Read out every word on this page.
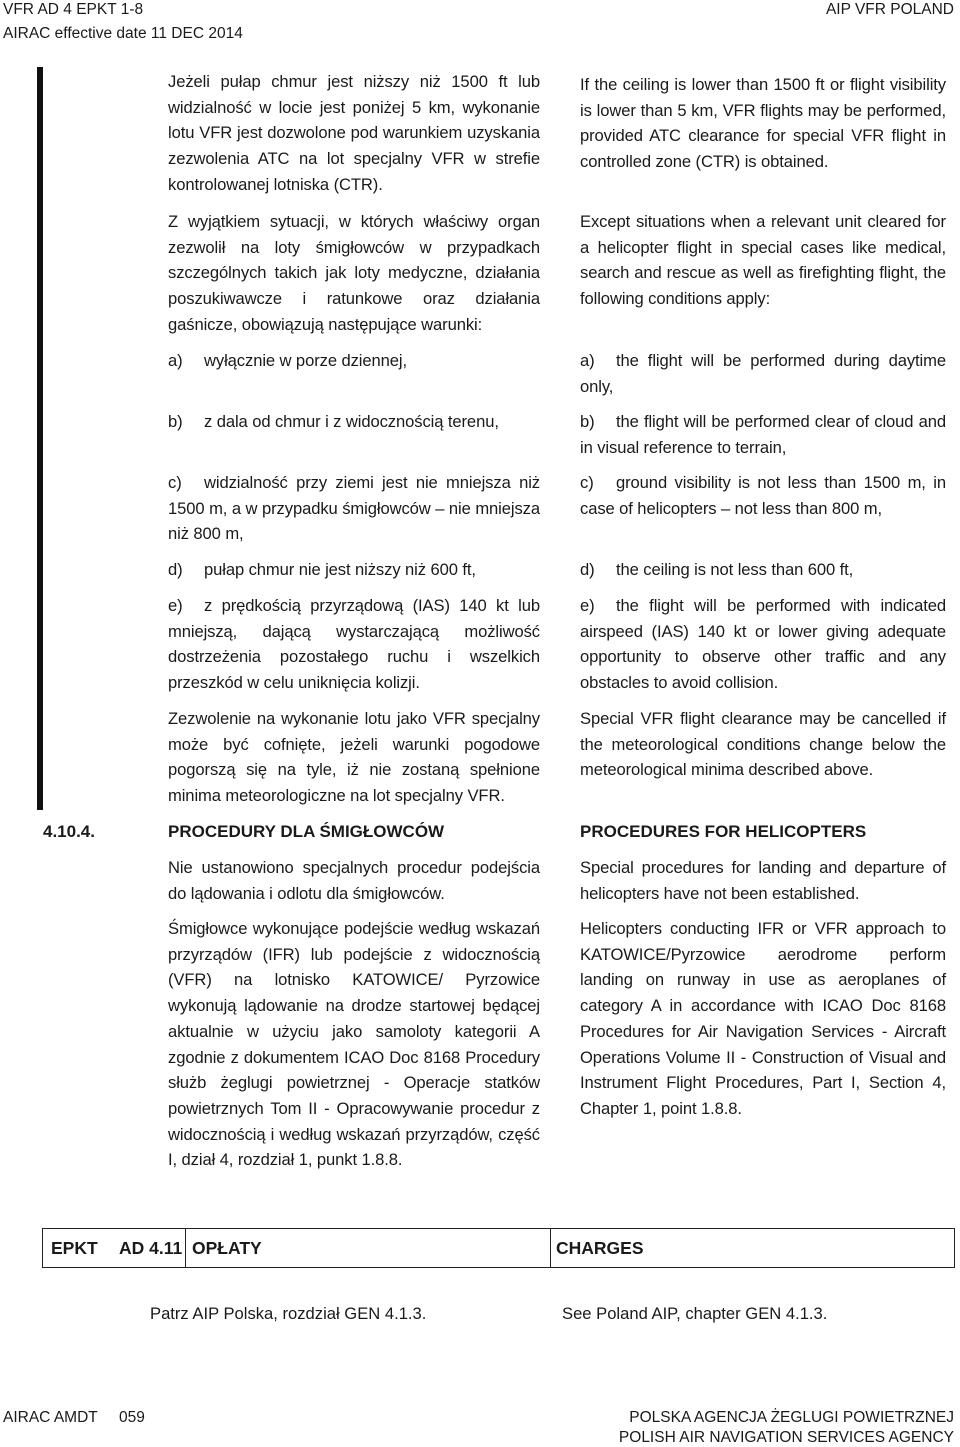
VFR AD 4 EPKT 1-8
AIRAC effective date 11 DEC 2014
AIP VFR POLAND
Jeżeli pułap chmur jest niższy niż 1500 ft lub widzialność w locie jest poniżej 5 km, wykonanie lotu VFR jest dozwolone pod warunkiem uzyskania zezwolenia ATC na lot specjalny VFR w strefie kontrolowanej lotniska (CTR).
If the ceiling is lower than 1500 ft or flight visibility is lower than 5 km, VFR flights may be performed, provided ATC clearance for special VFR flight in controlled zone (CTR) is obtained.
Z wyjątkiem sytuacji, w których właściwy organ zezwolił na loty śmigłowców w przypadkach szczególnych takich jak loty medyczne, działania poszukiwawcze i ratunkowe oraz działania gaśnicze, obowiązują następujące warunki:
Except situations when a relevant unit cleared for a helicopter flight in special cases like medical, search and rescue as well as firefighting flight, the following conditions apply:
a)	wyłącznie w porze dziennej,	a)	the flight will be performed during daytime only,
b)	z dala od chmur i z widocznością terenu,	b)	the flight will be performed clear of cloud and in visual reference to terrain,
c)	widzialność przy ziemi jest nie mniejsza niż 1500 m, a w przypadku śmigłowców – nie mniejsza niż 800 m,
c)	ground visibility is not less than 1500 m, in case of helicopters – not less than 800 m,
d)	pułap chmur nie jest niższy niż 600 ft,	d)	the ceiling is not less than 600 ft,
e)	z prędkością przyrządową (IAS) 140 kt lub mniejszą, dającą wystarczającą możliwość dostrzeżenia pozostałego ruchu i wszelkich przeszkód w celu uniknięcia kolizji.
e)	the flight will be performed with indicated airspeed (IAS) 140 kt or lower giving adequate opportunity to observe other traffic and any obstacles to avoid collision.
Zezwolenie na wykonanie lotu jako VFR specjalny może być cofnięte, jeżeli warunki pogodowe pogorszą się na tyle, iż nie zostaną spełnione minima meteorologiczne na lot specjalny VFR.
Special VFR flight clearance may be cancelled if the meteorological conditions change below the meteorological minima described above.
4.10.4.	PROCEDURY DLA ŚMIGŁOWCÓW	PROCEDURES FOR HELICOPTERS
Nie ustanowiono specjalnych procedur podejścia do lądowania i odlotu dla śmigłowców.
Special procedures for landing and departure of helicopters have not been established.
Śmigłowce wykonujące podejście według wskazań przyrządów (IFR) lub podejście z widocznością (VFR) na lotnisko KATOWICE/ Pyrzowice wykonują lądowanie na drodze startowej będącej aktualnie w użyciu jako samoloty kategorii A zgodnie z dokumentem ICAO Doc 8168 Procedury służb żeglugi powietrznej - Operacje statków powietrznych Tom II - Opracowywanie procedur z widocznością i według wskazań przyrządów, część I, dział 4, rozdział 1, punkt 1.8.8.
Helicopters conducting IFR or VFR approach to KATOWICE/Pyrzowice aerodrome perform landing on runway in use as aeroplanes of category A in accordance with ICAO Doc 8168 Procedures for Air Navigation Services - Aircraft Operations Volume II - Construction of Visual and Instrument Flight Procedures, Part I, Section 4, Chapter 1, point 1.8.8.
EPKT AD 4.11 OPŁATY	CHARGES
Patrz AIP Polska, rozdział GEN 4.1.3.	See Poland AIP, chapter GEN 4.1.3.
AIRAC AMDT     059	POLSKA AGENCJA ŻEGLUGI POWIETRZNEJ
POLISH AIR NAVIGATION SERVICES AGENCY
